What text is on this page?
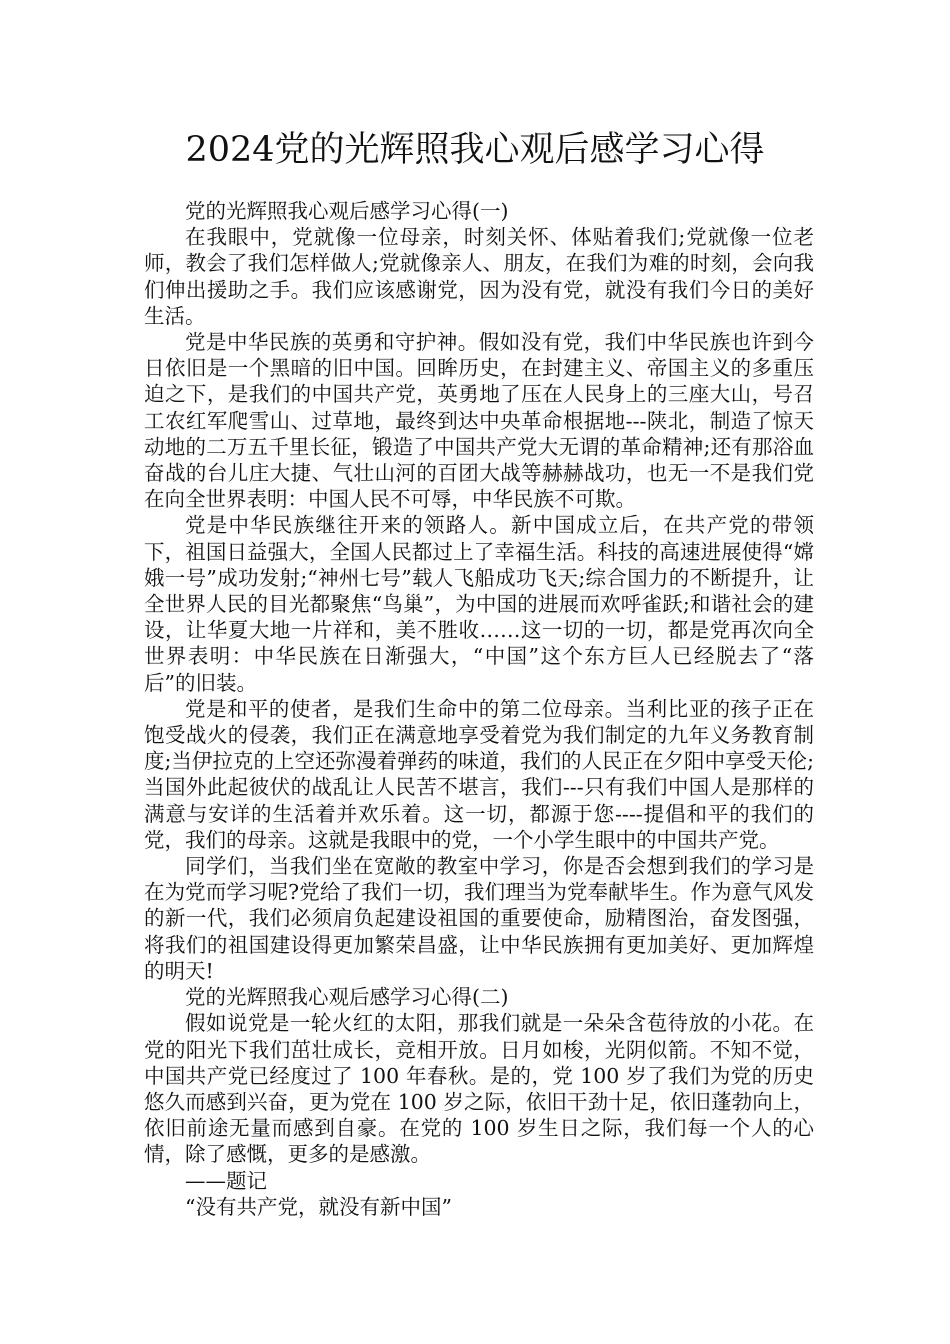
2024党的光辉照我心观后感学习心得

党的光辉照我心观后感学习心得(一)

在我眼中，党就像一位母亲，时刻关怀、体贴着我们;党就像一位老师，教会了我们怎样做人;党就像亲人、朋友，在我们为难的时刻，会向我们伸出援助之手。我们应该感谢党，因为没有党，就没有我们今日的美好生活。

党是中华民族的英勇和守护神。假如没有党，我们中华民族也许到今日依旧是一个黑暗的旧中国。回眸历史，在封建主义、帝国主义的多重压迫之下，是我们的中国共产党，英勇地了压在人民身上的三座大山，号召工农红军爬雪山、过草地，最终到达中央革命根据地---陕北，制造了惊天动地的二万五千里长征，锻造了中国共产党大无谓的革命精神;还有那浴血奋战的台儿庄大捷、气壮山河的百团大战等赫赫战功，也无一不是我们党在向全世界表明：中国人民不可辱，中华民族不可欺。

党是中华民族继往开来的领路人。新中国成立后，在共产党的带领下，祖国日益强大，全国人民都过上了幸福生活。科技的高速进展使得“嫦娥一号”成功发射;“神州七号”载人飞船成功飞天;综合国力的不断提升，让全世界人民的目光都聚焦“鸟巢”，为中国的进展而欢呼雀跃;和谐社会的建设，让华夏大地一片祥和，美不胜收……这一切的一切，都是党再次向全世界表明：中华民族在日渐强大，“中国”这个东方巨人已经脱去了“落后”的旧装。

党是和平的使者，是我们生命中的第二位母亲。当利比亚的孩子正在饱受战火的侵袭，我们正在满意地享受着党为我们制定的九年义务教育制度;当伊拉克的上空还弥漫着弹药的味道，我们的人民正在夕阳中享受天伦;当国外此起彼伏的战乱让人民苦不堪言，我们---只有我们中国人是那样的满意与安详的生活着并欢乐着。这一切，都源于您----提倡和平的我们的党，我们的母亲。这就是我眼中的党，一个小学生眼中的中国共产党。

同学们，当我们坐在宽敞的教室中学习，你是否会想到我们的学习是在为党而学习呢?党给了我们一切，我们理当为党奉献毕生。作为意气风发的新一代，我们必须肩负起建设祖国的重要使命，励精图治，奋发图强，将我们的祖国建设得更加繁荣昌盛，让中华民族拥有更加美好、更加辉煌的明天!

党的光辉照我心观后感学习心得(二)

假如说党是一轮火红的太阳，那我们就是一朵朵含苞待放的小花。在党的阳光下我们茁壮成长，竞相开放。日月如梭，光阴似箭。不知不觉，中国共产党已经度过了 100 年春秋。是的，党 100 岁了我们为党的历史悠久而感到兴奋，更为党在 100 岁之际，依旧干劲十足，依旧蓬勃向上，依旧前途无量而感到自豪。在党的 100 岁生日之际，我们每一个人的心情，除了感慨，更多的是感激。

——题记

“没有共产党，就没有新中国”
